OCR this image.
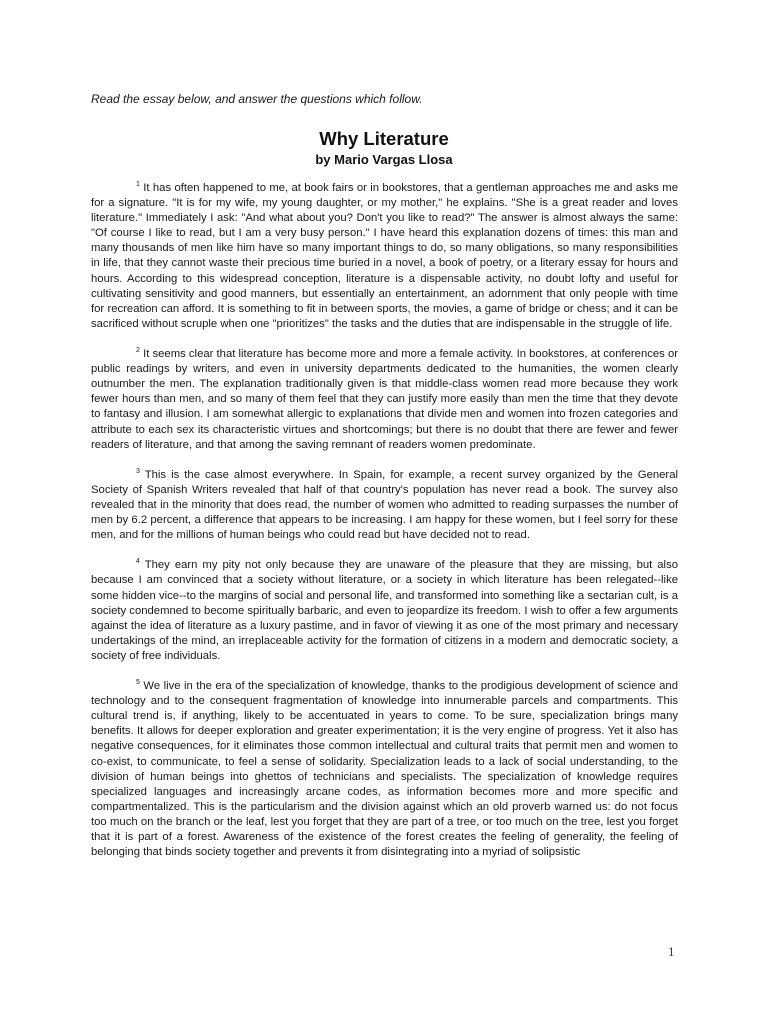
Read the essay below, and answer the questions which follow.

Why Literature
by Mario Vargas Llosa

$^1$ It has often happened to me, at book fairs or in bookstores, that a gentleman approaches me and asks me for a signature. "It is for my wife, my young daughter, or my mother," he explains. "She is a great reader and loves literature." Immediately I ask: "And what about you? Don't you like to read?" The answer is almost always the same: "Of course I like to read, but I am a very busy person." I have heard this explanation dozens of times: this man and many thousands of men like him have so many important things to do, so many obligations, so many responsibilities in life, that they cannot waste their precious time buried in a novel, a book of poetry, or a literary essay for hours and hours. According to this widespread conception, literature is a dispensable activity, no doubt lofty and useful for cultivating sensitivity and good manners, but essentially an entertainment, an adornment that only people with time for recreation can afford. It is something to fit in between sports, the movies, a game of bridge or chess; and it can be sacrificed without scruple when one "prioritizes" the tasks and the duties that are indispensable in the struggle of life.

$^2$ It seems clear that literature has become more and more a female activity. In bookstores, at conferences or public readings by writers, and even in university departments dedicated to the humanities, the women clearly outnumber the men. The explanation traditionally given is that middle-class women read more because they work fewer hours than men, and so many of them feel that they can justify more easily than men the time that they devote to fantasy and illusion. I am somewhat allergic to explanations that divide men and women into frozen categories and attribute to each sex its characteristic virtues and shortcomings; but there is no doubt that there are fewer and fewer readers of literature, and that among the saving remnant of readers women predominate.

$^3$ This is the case almost everywhere. In Spain, for example, a recent survey organized by the General Society of Spanish Writers revealed that half of that country's population has never read a book. The survey also revealed that in the minority that does read, the number of women who admitted to reading surpasses the number of men by 6.2 percent, a difference that appears to be increasing. I am happy for these women, but I feel sorry for these men, and for the millions of human beings who could read but have decided not to read.

$^4$ They earn my pity not only because they are unaware of the pleasure that they are missing, but also because I am convinced that a society without literature, or a society in which literature has been relegated--like some hidden vice--to the margins of social and personal life, and transformed into something like a sectarian cult, is a society condemned to become spiritually barbaric, and even to jeopardize its freedom. I wish to offer a few arguments against the idea of literature as a luxury pastime, and in favor of viewing it as one of the most primary and necessary undertakings of the mind, an irreplaceable activity for the formation of citizens in a modern and democratic society, a society of free individuals.

$^5$ We live in the era of the specialization of knowledge, thanks to the prodigious development of science and technology and to the consequent fragmentation of knowledge into innumerable parcels and compartments. This cultural trend is, if anything, likely to be accentuated in years to come. To be sure, specialization brings many benefits. It allows for deeper exploration and greater experimentation; it is the very engine of progress. Yet it also has negative consequences, for it eliminates those common intellectual and cultural traits that permit men and women to co-exist, to communicate, to feel a sense of solidarity. Specialization leads to a lack of social understanding, to the division of human beings into ghettos of technicians and specialists. The specialization of knowledge requires specialized languages and increasingly arcane codes, as information becomes more and more specific and compartmentalized. This is the particularism and the division against which an old proverb warned us: do not focus too much on the branch or the leaf, lest you forget that they are part of a tree, or too much on the tree, lest you forget that it is part of a forest. Awareness of the existence of the forest creates the feeling of generality, the feeling of belonging that binds society together and prevents it from disintegrating into a myriad of solipsistic

1
